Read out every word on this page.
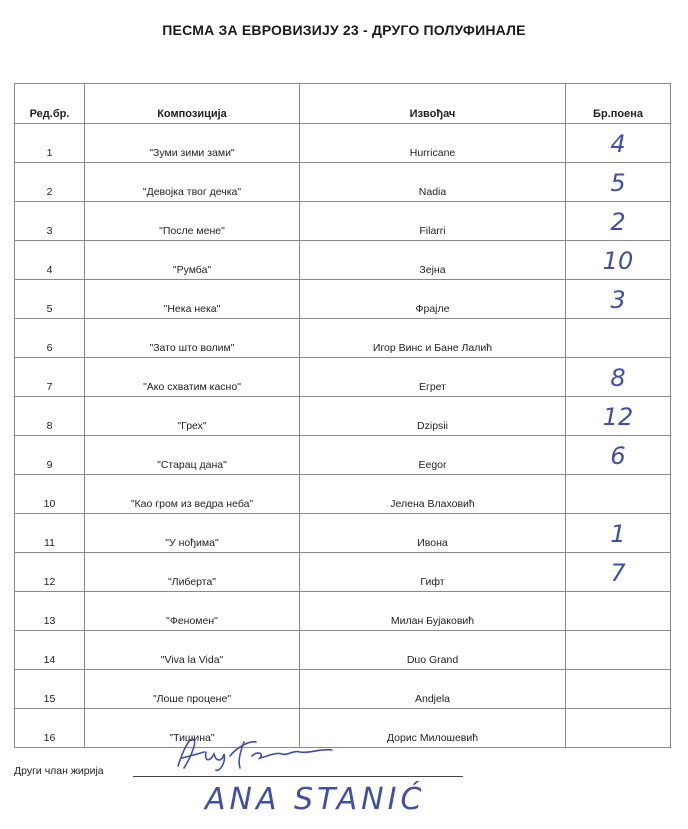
ПЕСМА ЗА ЕВРОВИЗИЈУ 23 - ДРУГО ПОЛУФИНАЛЕ
Ред.бр.	Композиција	Извођач	Бр.поена
1	"Зуми зими зами"	Hurricane	4

2	"Девојка твог дечка"	Nadia	5

3	"После мене"	Filarri	2

4	"Румба"	Зејна	10

5	"Нека нека"	Фрајле	3

6	"Зато што волим"	Игор Винс и Бане Лалић	

7	"Ако схватим касно"	Егрет	8

8	"Грех"	Dzipsii	12

9	"Старац дана"	Eegor	6

10	"Као гром из ведра неба"	Јелена Влаховић	

11	"У нођима"	Ивона	1

12	"Либерта"	Гифт	7

13	"Феномен"	Милан Бујаковић	

14	"Viva la Vida"	Duo Grand	

15	"Лоше процене"	Andjela	

16	"Тишина"	Дорис Милошевић	
Други члан жирија
ANA STANIĆ
